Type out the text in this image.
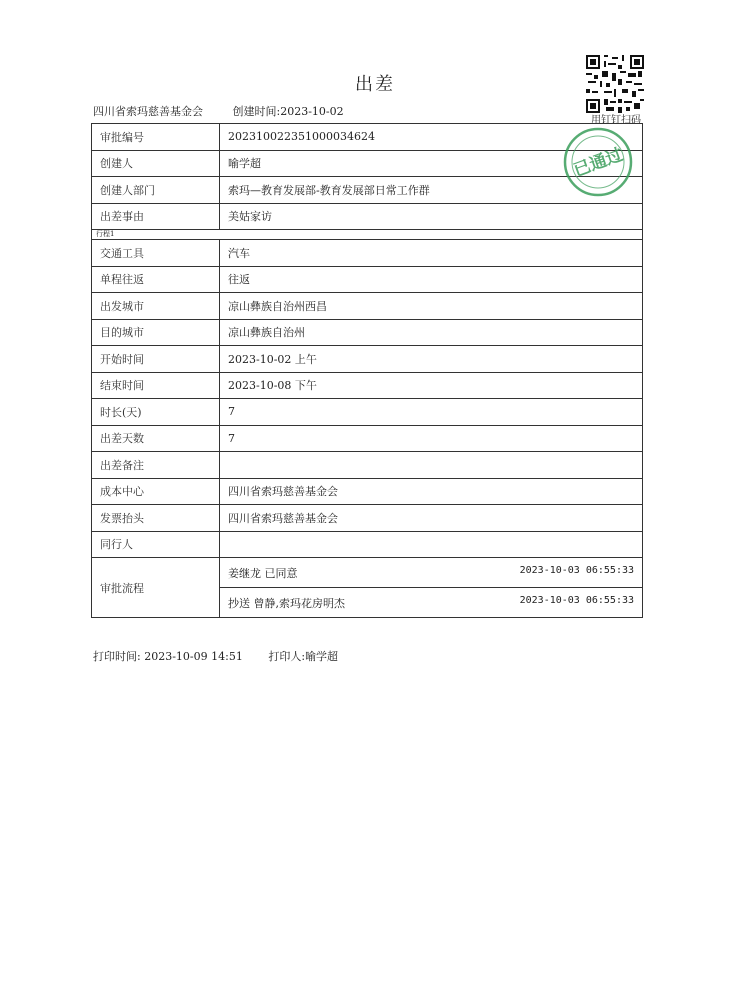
出差
四川省索玛慈善基金会	创建时间:2023-10-02
用钉钉扫码
审批编号	202310022351000034624
创建人	喻学超
创建人部门	索玛—教育发展部-教育发展部日常工作群
出差事由	美姑家访
行程1	
交通工具	汽车
单程往返	往返
出发城市	凉山彝族自治州西昌
目的城市	凉山彝族自治州
开始时间	2023-10-02 上午
结束时间	2023-10-08 下午
时长(天)	7
出差天数	7
出差备注	
成本中心	四川省索玛慈善基金会
发票抬头	四川省索玛慈善基金会
同行人	
审批流程	姜继龙 已同意 2023-10-03 06:55:33

	抄送 曾静,索玛花房明杰 2023-10-03 06:55:33
已通过
打印时间: 2023-10-09 14:51 打印人:喻学超
